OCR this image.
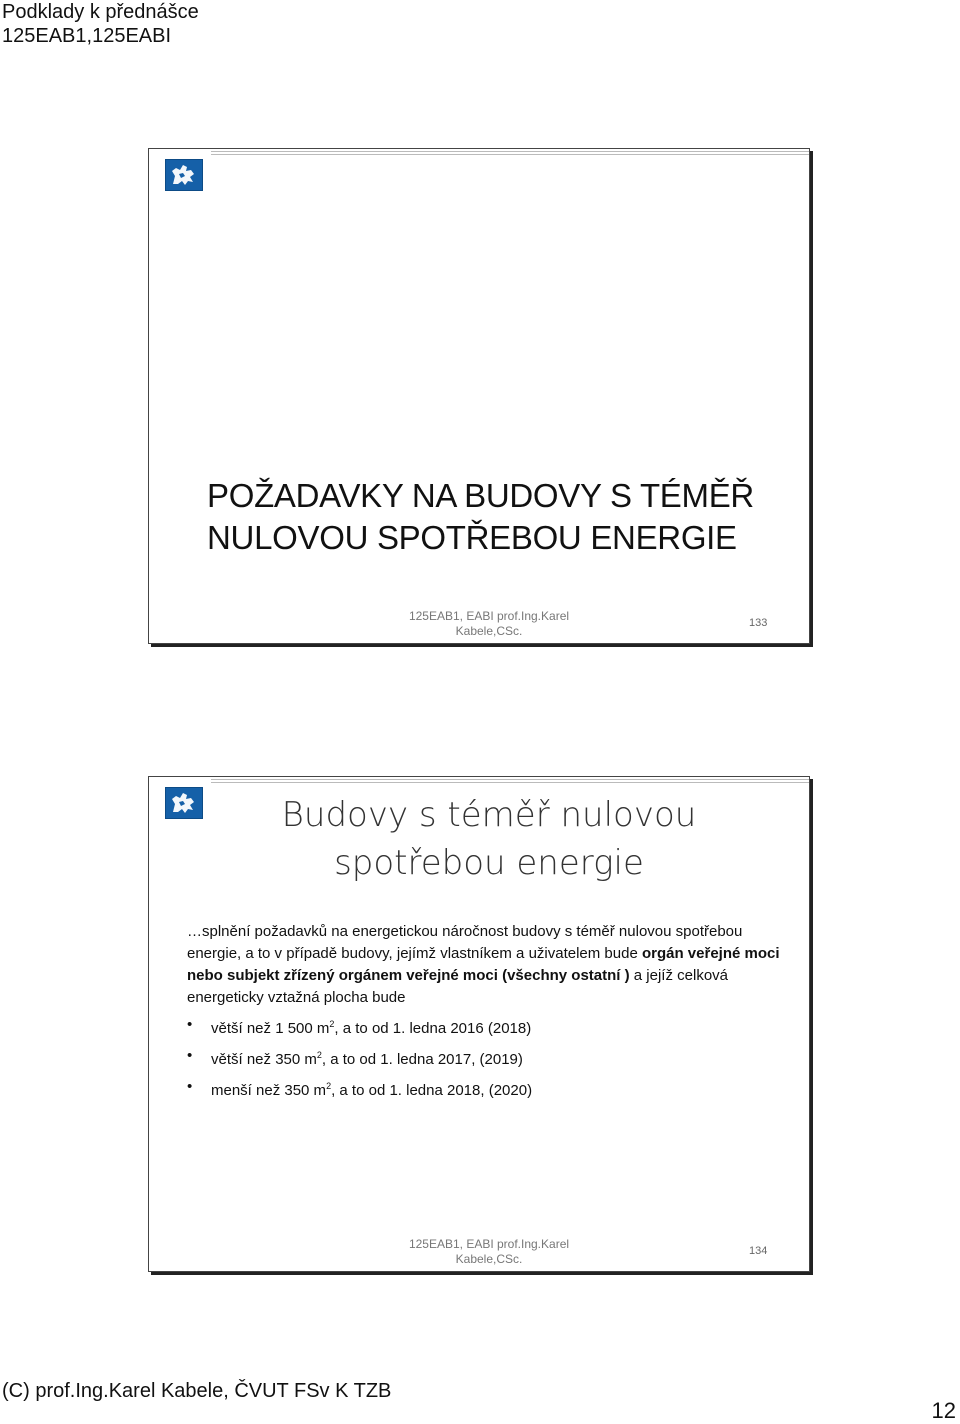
Podklady k přednášce
125EAB1,125EABI
POŽADAVKY NA BUDOVY S TÉMĚŘ
NULOVOU SPOTŘEBOU ENERGIE
125EAB1, EABI prof.Ing.Karel
Kabele,CSc.
133
Budovy s téměř nulovou
spotřebou energie

…splnění požadavků na energetickou náročnost budovy s téměř nulovou spotřebou energie, a to v případě budovy, jejímž vlastníkem a uživatelem bude orgán veřejné moci nebo subjekt zřízený orgánem veřejné moci (všechny ostatní ) a jejíž celková energeticky vztažná plocha bude

• větší než 1 500 $m^2$, a to od 1. ledna 2016 (2018)
• větší než 350 $m^2$, a to od 1. ledna 2017, (2019)
• menší než 350 $m^2$, a to od 1. ledna 2018, (2020)
125EAB1, EABI prof.Ing.Karel
Kabele,CSc.
134
(C) prof.Ing.Karel Kabele, ČVUT FSv K TZB
12
